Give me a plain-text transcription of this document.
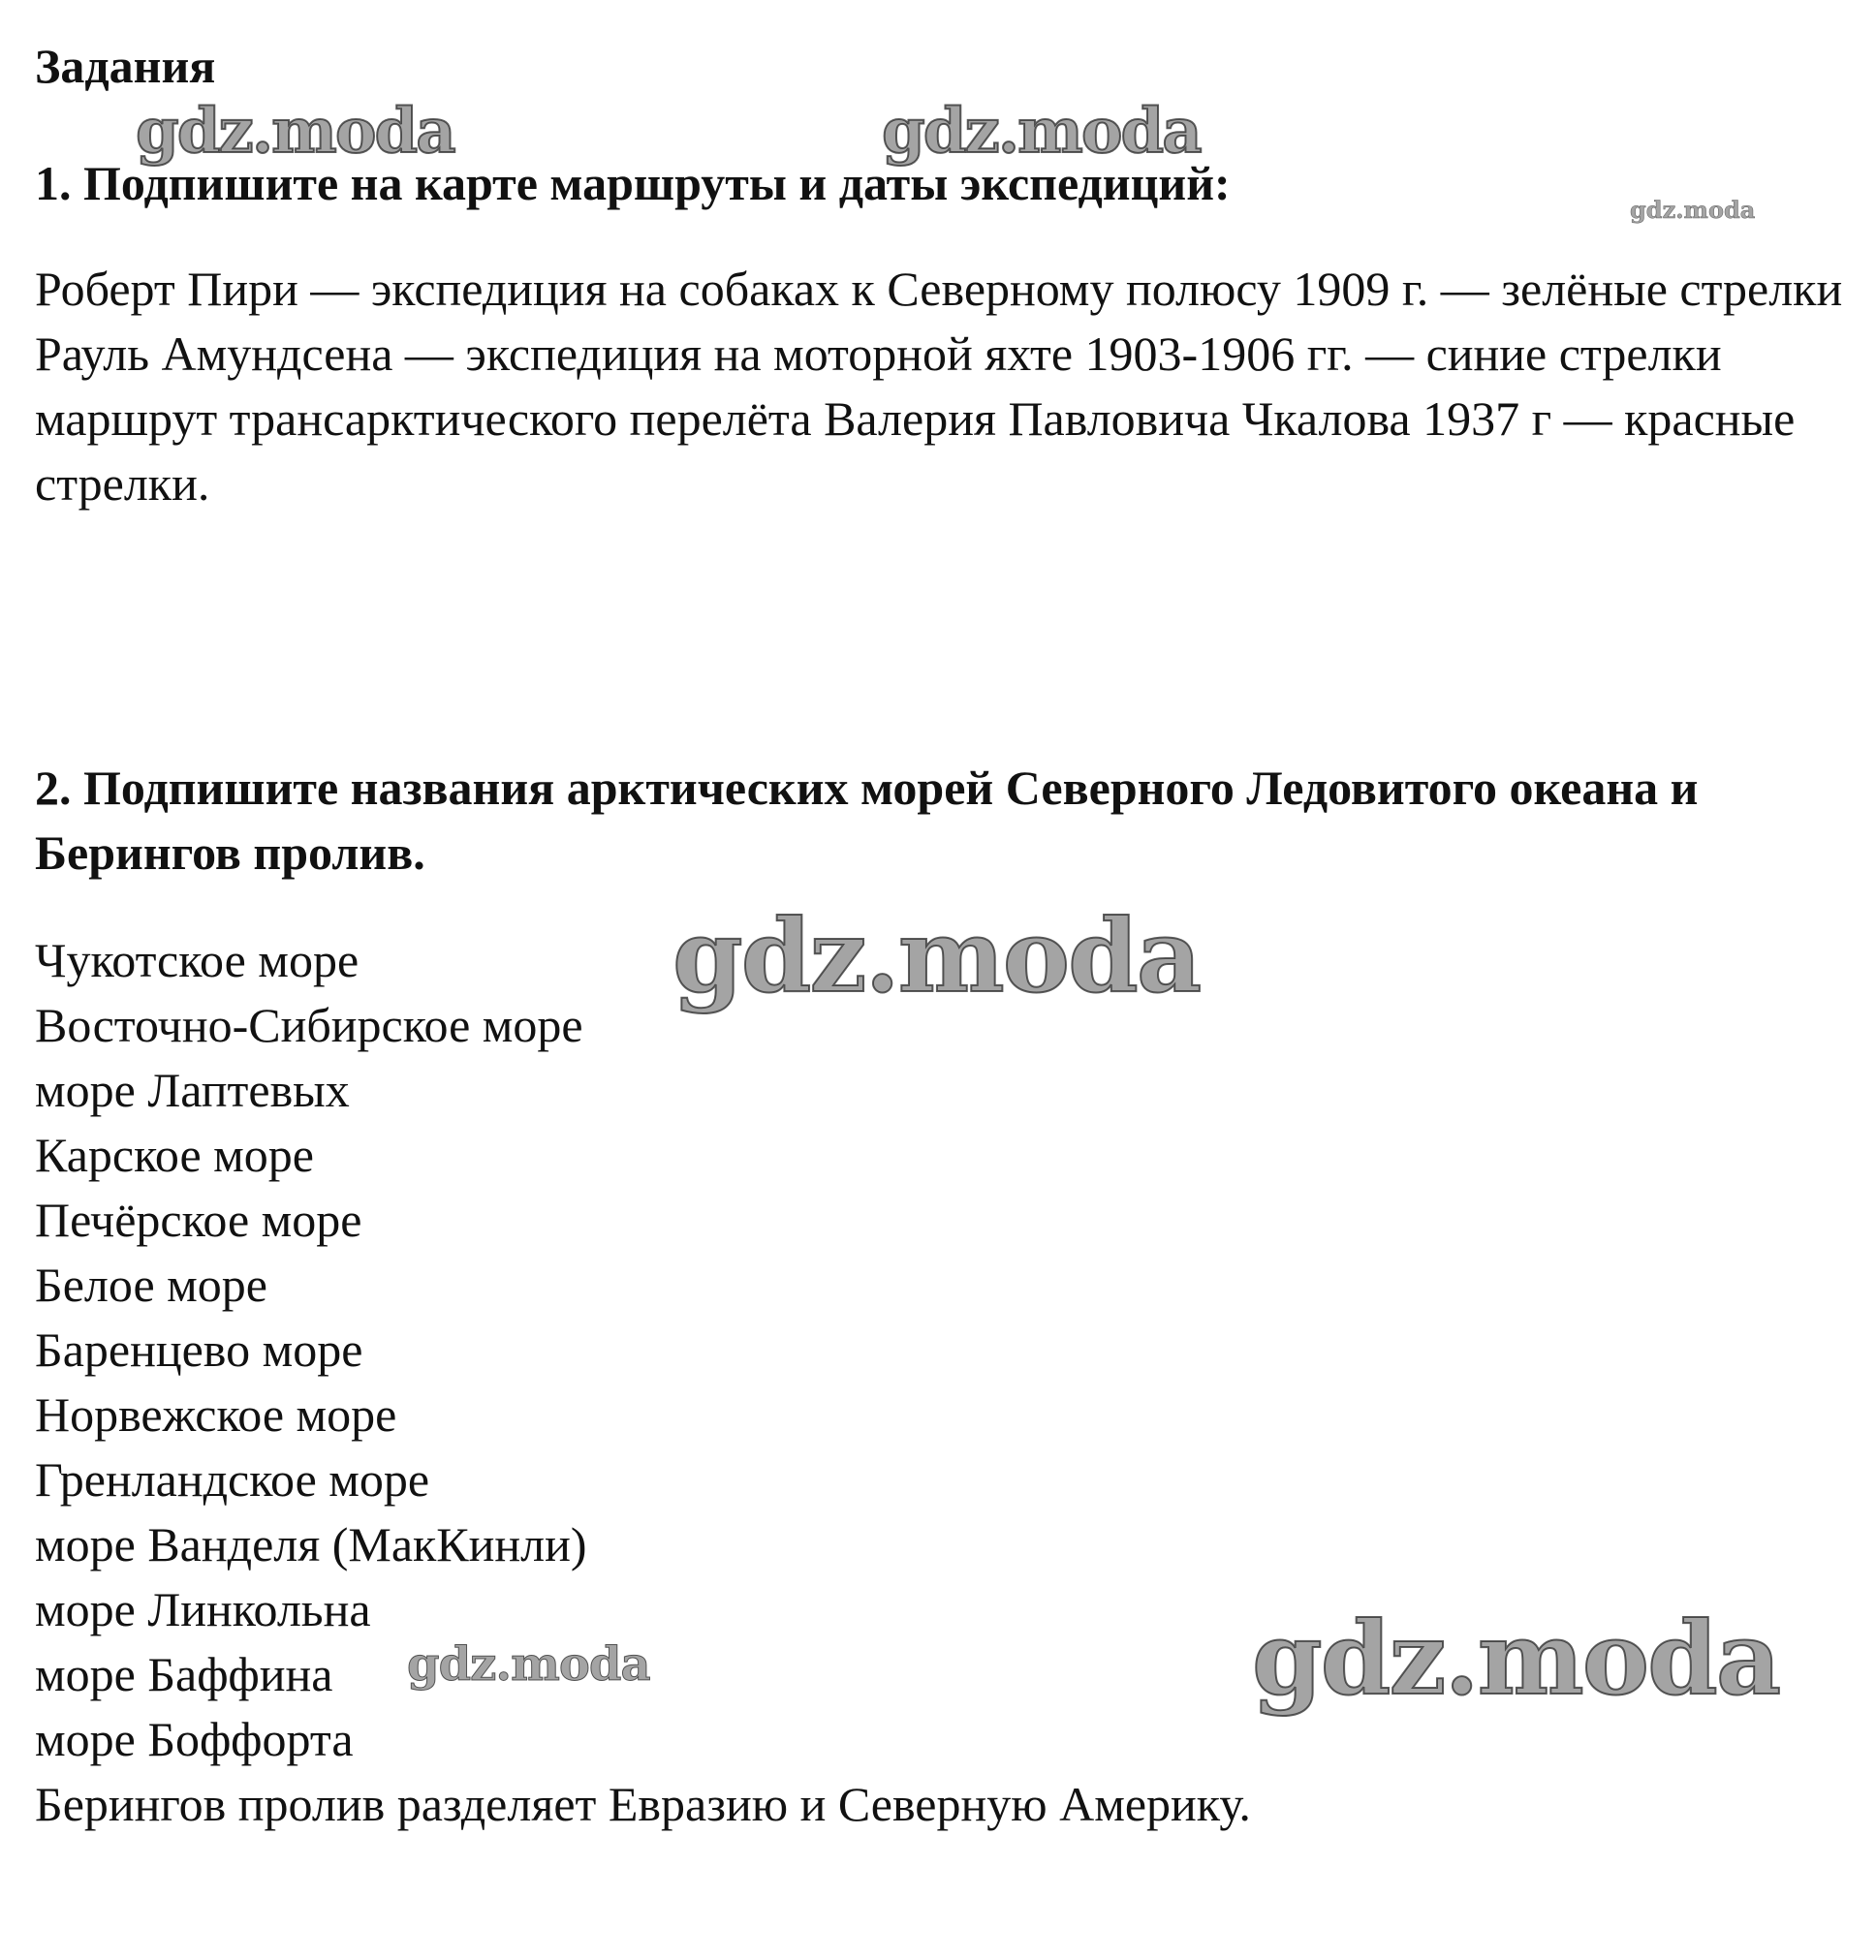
Задания
1. Подпишите на карте маршруты и даты экспедиций:
Роберт Пири — экспедиция на собаках к Северному полюсу 1909 г. — зелёные стрелки
Рауль Амундсена — экспедиция на моторной яхте 1903-1906 гг. — синие стрелки
маршрут трансарктического перелёта Валерия Павловича Чкалова 1937 г — красные стрелки.
2. Подпишите названия арктических морей Северного Ледовитого океана и Берингов пролив.
Чукотское море
Восточно-Сибирское море
море Лаптевых
Карское море
Печёрское море
Белое море
Баренцево море
Норвежское море
Гренландское море
море Ванделя (МакКинли)
море Линкольна
море Баффина
море Боффорта
Берингов пролив разделяет Евразию и Северную Америку.
gdz.moda	gdz.moda
gdz.moda
gdz.moda
gdz.moda
gdz.moda
